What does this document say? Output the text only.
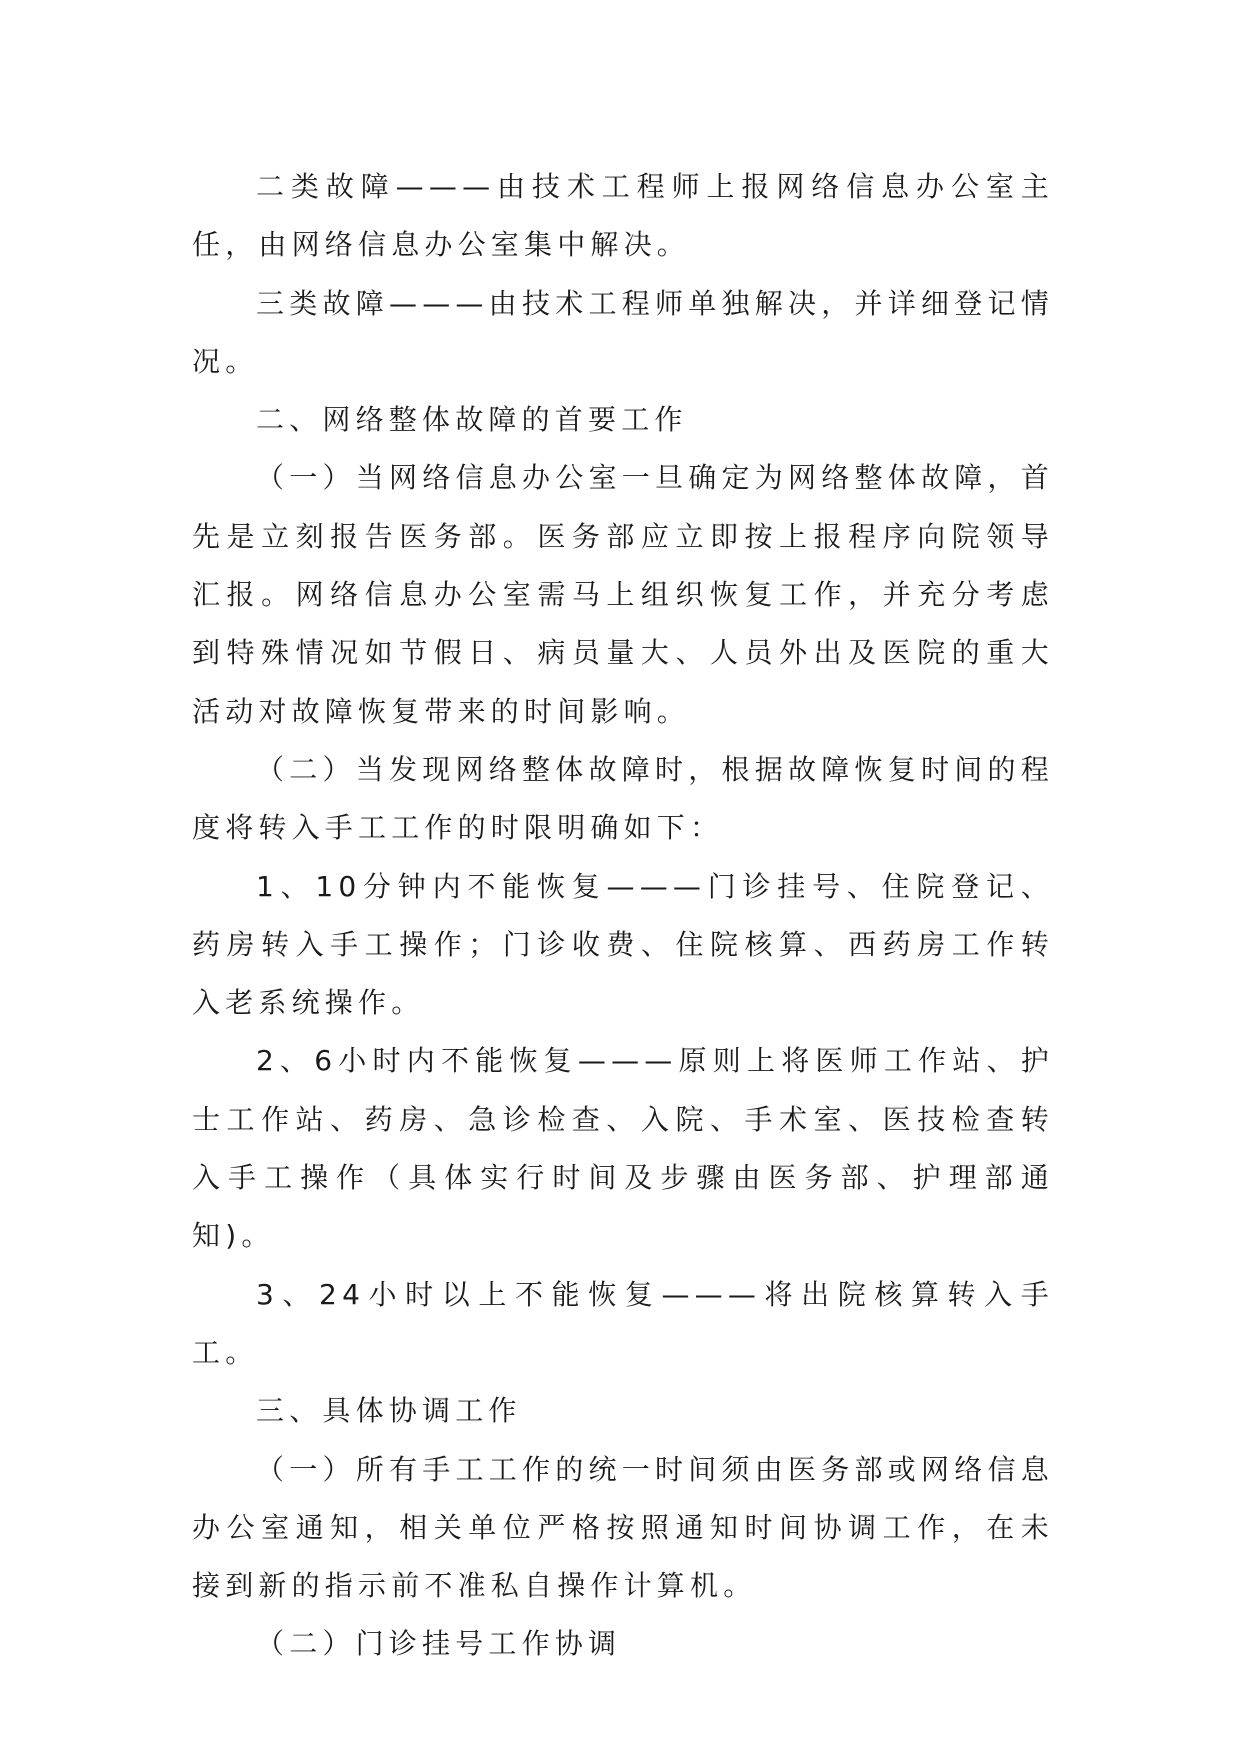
二类故障———由技术工程师上报网络信息办公室主任，由网络信息办公室集中解决。

三类故障———由技术工程师单独解决，并详细登记情况。

二、网络整体故障的首要工作

（一）当网络信息办公室一旦确定为网络整体故障，首先是立刻报告医务部。医务部应立即按上报程序向院领导汇报。网络信息办公室需马上组织恢复工作，并充分考虑到特殊情况如节假日、病员量大、人员外出及医院的重大活动对故障恢复带来的时间影响。

（二）当发现网络整体故障时，根据故障恢复时间的程度将转入手工工作的时限明确如下：

1、10分钟内不能恢复———门诊挂号、住院登记、药房转入手工操作；门诊收费、住院核算、西药房工作转入老系统操作。

2、6小时内不能恢复———原则上将医师工作站、护士工作站、药房、急诊检查、入院、手术室、医技检查转入手工操作（具体实行时间及步骤由医务部、护理部通知)。

3、24小时以上不能恢复———将出院核算转入手工。

三、具体协调工作

（一）所有手工工作的统一时间须由医务部或网络信息办公室通知，相关单位严格按照通知时间协调工作，在未接到新的指示前不准私自操作计算机。

（二）门诊挂号工作协调
